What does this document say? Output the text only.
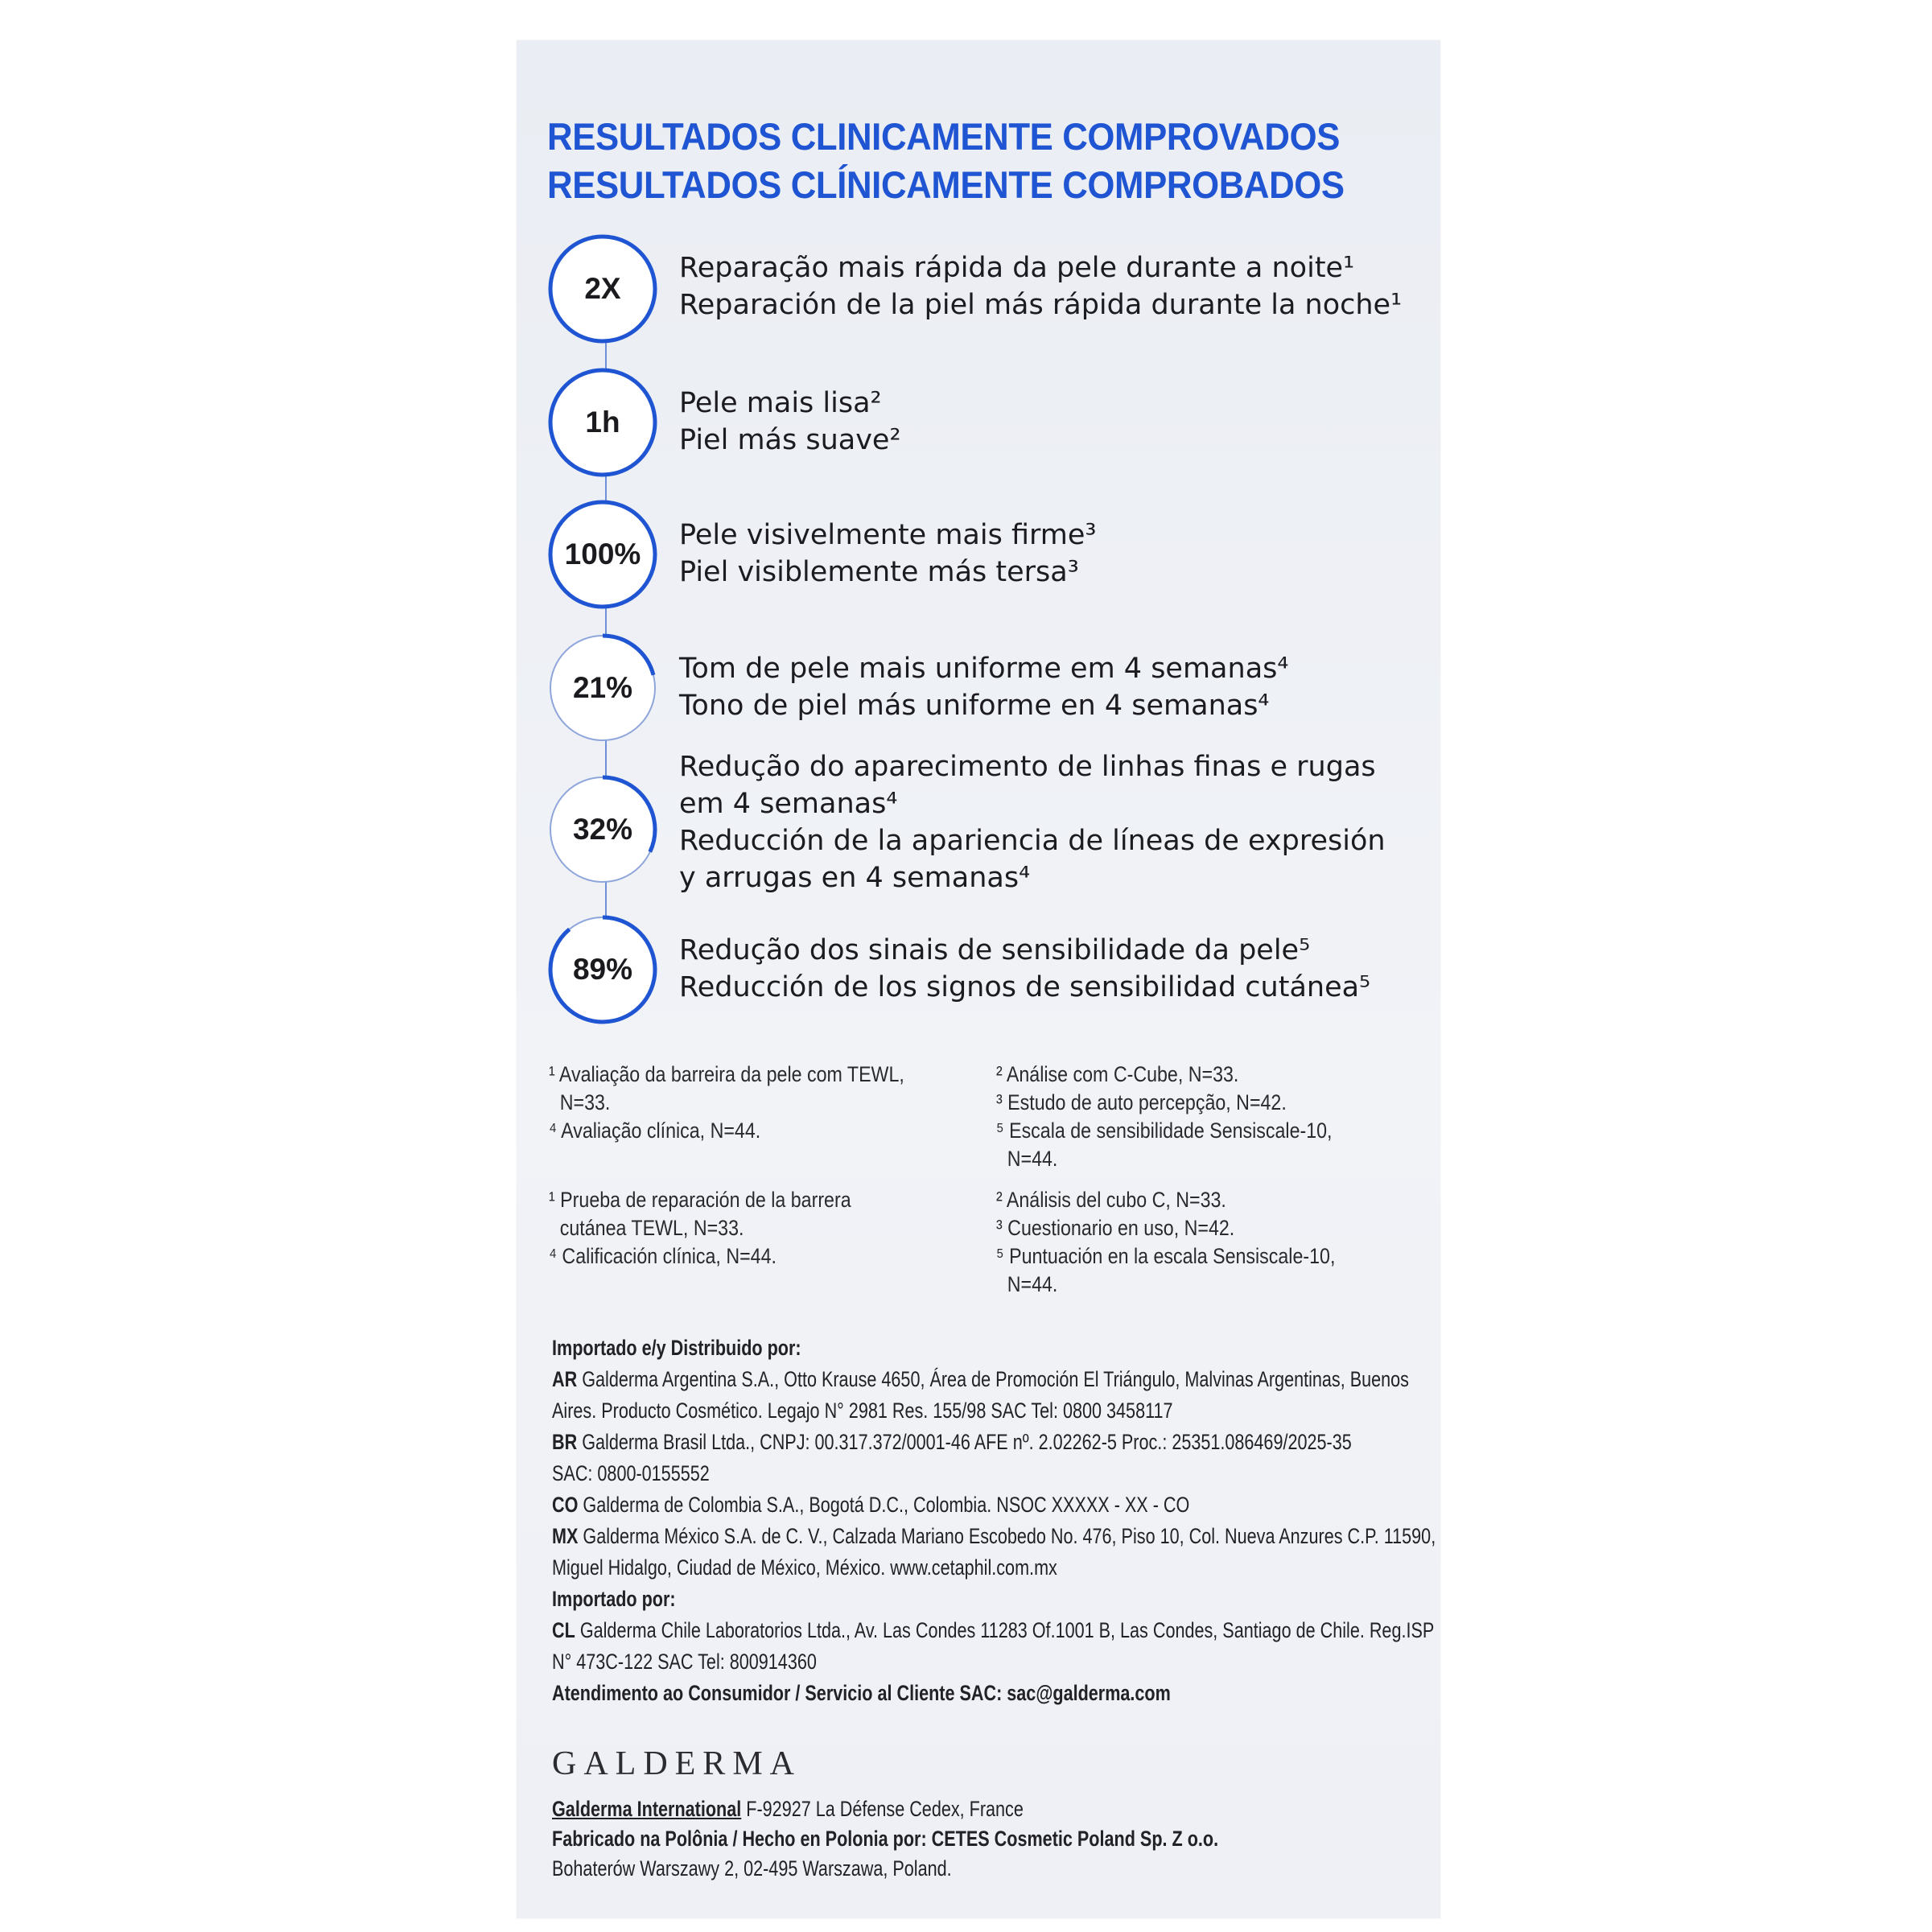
RESULTADOS CLINICAMENTE COMPROVADOS
RESULTADOS CLÍNICAMENTE COMPROBADOS
2X
Reparação mais rápida da pele durante a noite¹
Reparación de la piel más rápida durante la noche¹
1h
Pele mais lisa²
Piel más suave²
100%
Pele visivelmente mais firme³
Piel visiblemente más tersa³
21%
Tom de pele mais uniforme em 4 semanas⁴
Tono de piel más uniforme en 4 semanas⁴
32%
Redução do aparecimento de linhas finas e rugas
em 4 semanas⁴
Reducción de la apariencia de líneas de expresión
y arrugas en 4 semanas⁴
89%
Redução dos sinais de sensibilidade da pele⁵
Reducción de los signos de sensibilidad cutánea⁵
¹ Avaliação da barreira da pele com TEWL,
N=33.
⁴ Avaliação clínica, N=44.
² Análise com C-Cube, N=33.
³ Estudo de auto percepção, N=42.
⁵ Escala de sensibilidade Sensiscale-10,
N=44.
¹ Prueba de reparación de la barrera
cutánea TEWL, N=33.
⁴ Calificación clínica, N=44.
² Análisis del cubo C, N=33.
³ Cuestionario en uso, N=42.
⁵ Puntuación en la escala Sensiscale-10,
N=44.
Importado e/y Distribuido por:
AR Galderma Argentina S.A., Otto Krause 4650, Área de Promoción El Triángulo, Malvinas Argentinas, Buenos
Aires. Producto Cosmético. Legajo N° 2981 Res. 155/98 SAC Tel: 0800 3458117
BR Galderma Brasil Ltda., CNPJ: 00.317.372/0001-46 AFE nº. 2.02262-5 Proc.: 25351.086469/2025-35
SAC: 0800-0155552
CO Galderma de Colombia S.A., Bogotá D.C., Colombia. NSOC XXXXX - XX - CO
MX Galderma México S.A. de C. V., Calzada Mariano Escobedo No. 476, Piso 10, Col. Nueva Anzures C.P. 11590,
Miguel Hidalgo, Ciudad de México, México. www.cetaphil.com.mx
Importado por:
CL Galderma Chile Laboratorios Ltda., Av. Las Condes 11283 Of.1001 B, Las Condes, Santiago de Chile. Reg.ISP
N° 473C-122 SAC Tel: 800914360
Atendimento ao Consumidor / Servicio al Cliente SAC: sac@galderma.com
GALDERMA
Galderma International F-92927 La Défense Cedex, France
Fabricado na Polônia / Hecho en Polonia por: CETES Cosmetic Poland Sp. Z o.o.
Bohaterów Warszawy 2, 02-495 Warszawa, Poland.
